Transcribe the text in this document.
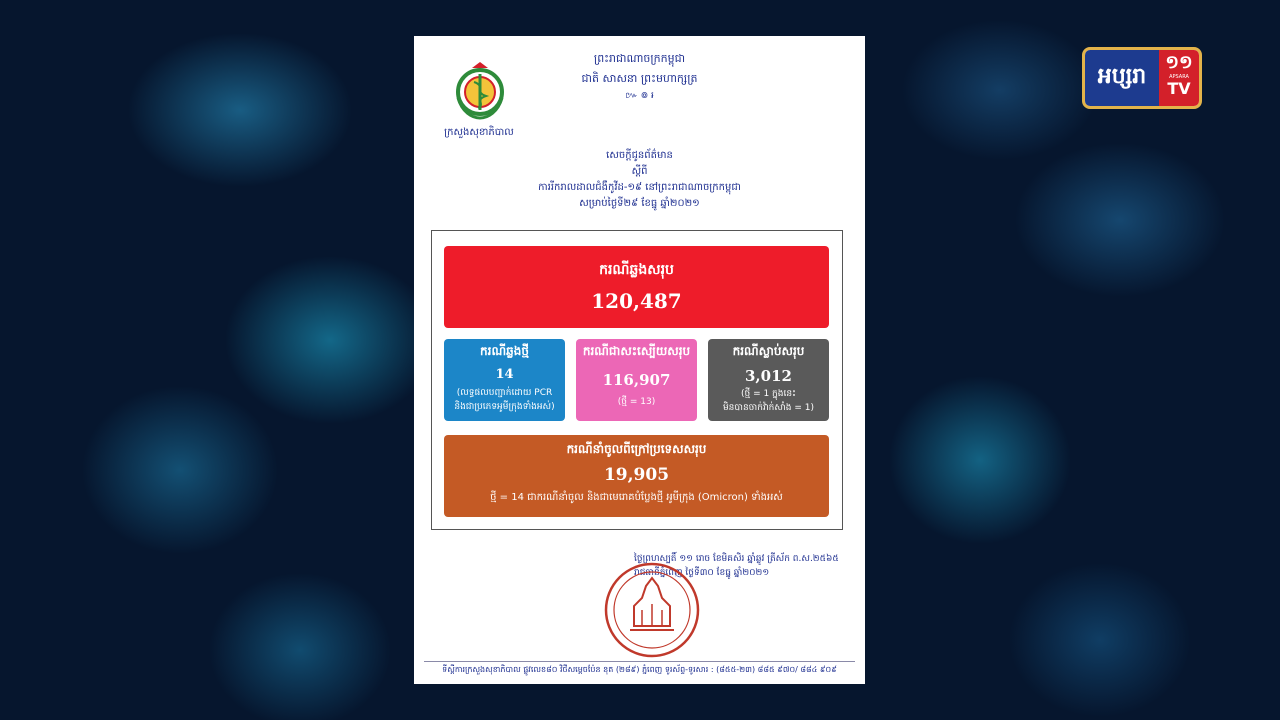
អប្សរា
១១
APSARA
TV
ក្រសួងសុខាភិបាល
ព្រះរាជាណាចក្រកម្ពុជា
ជាតិ សាសនា ព្រះមហាក្សត្រ
៚ ៙ ៛
សេចក្ដីជូនព័ត៌មាន
ស្ដីពី
ការរីករាលដាលជំងឺកូវីដ-១៩ នៅព្រះរាជាណាចក្រកម្ពុជា
សម្រាប់ថ្ងៃទី២៩ ខែធ្នូ ឆ្នាំ២០២១
ករណីឆ្លងសរុប
120,487
ករណីឆ្លងថ្មី
14
(លទ្ធផលបញ្ជាក់ដោយ PCR
និងជាប្រភេទអូមីក្រុងទាំងអស់)
ករណីជាសះស្បើយសរុប
116,907
(ថ្មី = 13)
ករណីស្លាប់សរុប
3,012
(ថ្មី = 1 ក្នុងនេះ
មិនបានចាក់វ៉ាក់សាំង = 1)
ករណីនាំចូលពីក្រៅប្រទេសសរុប
19,905
ថ្មី = 14 ជាករណីនាំចូល និងជាមេរោគបំប្លែងថ្មី អូមីក្រុង (Omicron) ទាំងអស់
ថ្ងៃព្រហស្បតិ៍ ១១ រោច ខែមិគសិរ ឆ្នាំឆ្លូវ ត្រីស័ក ព.ស.២៥៦៥
រាជធានីភ្នំពេញ ថ្ងៃទី៣០ ខែធ្នូ ឆ្នាំ២០២១
ទីស្ដីការក្រសួងសុខាភិបាល ផ្លូវលេខ៨០ វិថីសម្ដេចប៉ែន នុត (២៨៩) ភ្នំពេញ ទូរស័ព្ទ-ទូរសារ : (៨៥៥-២៣) ៨៨៥ ៩៧០/ ៨៨៤ ៩០៩
